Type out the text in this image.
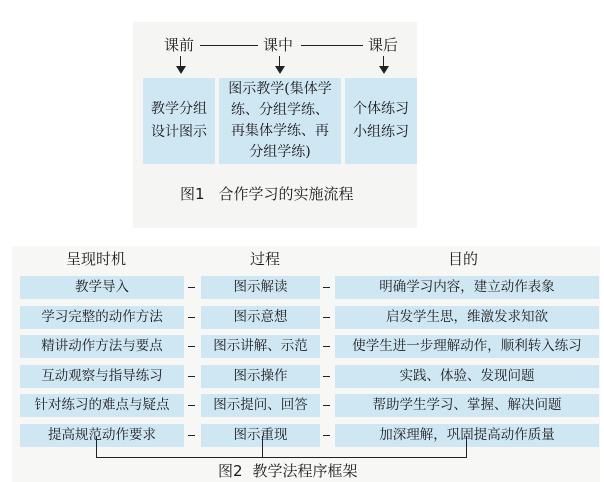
课前	课中	课后
教学分组
设计图示
图示教学(集体学
练、分组学练、
再集体学练、再
分组学练)
个体练习
小组练习
图1 合作学习的实施流程
呈现时机	过程	目的
教学导入	图示解读	明确学习内容，建立动作表象
学习完整的动作方法	图示意想	启发学生思，维激发求知欲
精讲动作方法与要点	图示讲解、示范	使学生进一步理解动作，顺利转入练习
互动观察与指导练习	图示操作	实践、体验、发现问题
针对练习的难点与疑点	图示提问、回答	帮助学生学习、掌握、解决问题
提高规范动作要求	图示重现	加深理解，巩固提高动作质量
图2 教学法程序框架
